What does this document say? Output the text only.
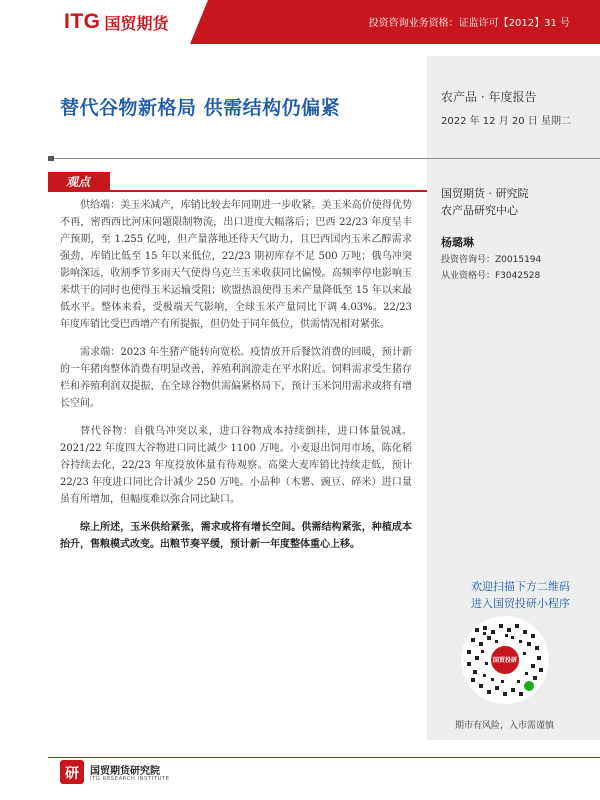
ITG 国贸期货	投资咨询业务资格：证监许可【2012】31 号
替代谷物新格局 供需结构仍偏紧	农产品 · 年度报告
2022 年 12 月 20 日 星期二
观点

供给端：美玉米减产，库销比较去年同期进一步收紧。美玉米高价使得优势不再，密西西比河床问题限制物流，出口进度大幅落后；巴西 22/23 年度呈丰产预期，至 1.255 亿吨，但产量落地还待天气助力，且巴西国内玉米乙醇需求强劲，库销比低至 15 年以来低位，22/23 期初库存不足 500 万吨；俄乌冲突影响深远，收割季节多雨天气使得乌克兰玉米收获同比偏慢。高频率停电影响玉米烘干的同时也使得玉米运输受阻；欧盟热浪使得玉米产量降低至 15 年以来最低水平。整体来看，受极端天气影响，全球玉米产量同比下调 4.03%。22/23 年度库销比受巴西增产有所提振，但仍处于同年低位，供需情况相对紧张。

需求端：2023 年生猪产能转向宽松。疫情放开后餐饮消费的回暖，预计新的一年猪肉整体消费有明显改善，养殖利润游走在平水附近。饲料需求受生猪存栏和养殖利润双提振，在全球谷物供需偏紧格局下，预计玉米饲用需求或将有增长空间。

替代谷物：自俄乌冲突以来，进口谷物成本持续倒挂，进口体量锐减。2021/22 年度四大谷物进口同比减少 1100 万吨。小麦退出饲用市场，陈化稻谷持续去化，22/23 年度投放体量有待观察。高粱大麦库销比持续走低，预计 22/23 年度进口同比合计减少 250 万吨。小品种（木薯、豌豆、碎米）进口量虽有所增加，但幅度难以弥合同比缺口。

综上所述，玉米供给紧张，需求或将有增长空间。供需结构紧张，种植成本抬升，售粮模式改变。出粮节奏平缓，预计新一年度整体重心上移。

国贸期货 · 研究院
农产品研究中心
杨璐琳
投资咨询号：Z0015194
从业资格号：F3042528
欢迎扫描下方二维码
进入国贸投研小程序
国贸投研
期市有风险，入市需谨慎
研	国贸期货研究院
ITG RESEARCH INSTITUTE
